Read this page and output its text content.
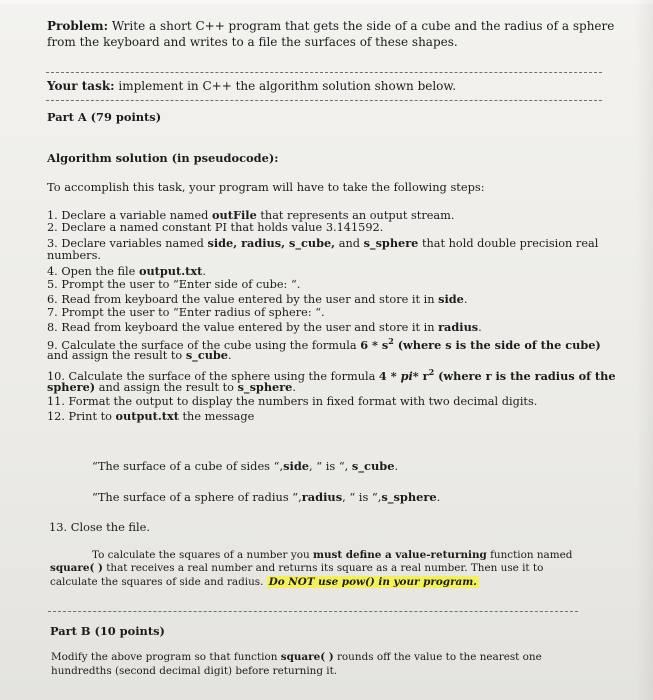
Problem: Write a short C++ program that gets the side of a cube and the radius of a sphere from the keyboard and writes to a file the surfaces of these shapes.
Your task: implement in C++ the algorithm solution shown below.
Part A (79 points)
Algorithm solution (in pseudocode):
To accomplish this task, your program will have to take the following steps:
1. Declare a variable named outFile that represents an output stream.
2. Declare a named constant PI that holds value 3.141592.
3. Declare variables named side, radius, s_cube, and s_sphere that hold double precision real
numbers.
4. Open the file output.txt.
5. Prompt the user to “Enter side of cube: “.
6. Read from keyboard the value entered by the user and store it in side.
7. Prompt the user to “Enter radius of sphere: “.
8. Read from keyboard the value entered by the user and store it in radius.
9. Calculate the surface of the cube using the formula $6 * s^2$ (where s is the side of the cube)
and assign the result to s_cube.
10. Calculate the surface of the sphere using the formula 4 * pi* $r^2$ (where r is the radius of the
sphere) and assign the result to s_sphere.
11. Format the output to display the numbers in fixed format with two decimal digits.
12. Print to output.txt the message
“The surface of a cube of sides “,side, “ is “, s_cube.
“The surface of a sphere of radius “,radius, “ is “,s_sphere.
13. Close the file.
To calculate the squares of a number you must define a value-returning function named
square( ) that receives a real number and returns its square as a real number. Then use it to
calculate the squares of side and radius. Do NOT use pow() in your program.
Part B (10 points)
Modify the above program so that function square( ) rounds off the value to the nearest one
hundredths (second decimal digit) before returning it.
